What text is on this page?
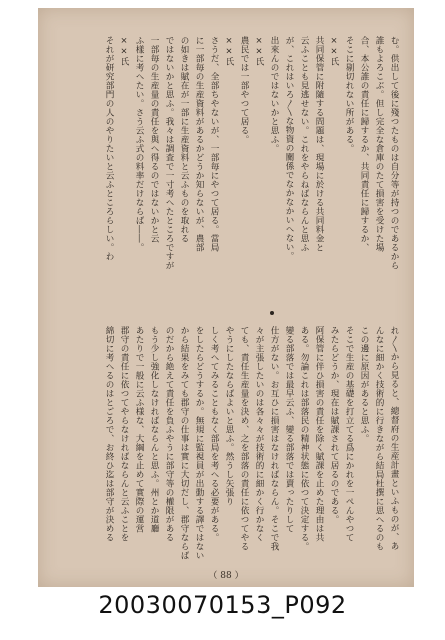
む。供出して後に殘つたものは自分等が持つのであるから
誰もよろこぶ。但し完全な倉庫のたて損害を受けた場
合、本公誰の責任に歸するか、共同責任に歸するか、
そこに剔切れない所がある。
××氏
共同保管に附隨する問題は、現場に於ける共同料金と
云ふことも見逃せない。これをやらねばならんと思ふ
が、これはいろ〳〵な物資の關係でなかなかいへない。
出來んのではないかと思ふ。
××氏
農民では一部やつて居る。
××氏
さうだ、全部ちやないが、一部毎にやつて居る。當局
に一部毎の生産資料があるかどうか知らないが、農部
の如きは賦在が一部に生産資料と云ふものを取れる
ではないかと思ふ。我々は調査で一寸考へたところですが
一部毎の生産量の責任を與へ得るのではないかと云
ふ樣に考へたい。さう云ふ式の料率だけならば――。
××氏
それが研究部門の人のやりたいと云ふところらしい。わ
れ〳〵から見ると、總督府の生産計畫といふものが、あ
んなに細かく技術的に行きながら結局杜撰に思へるのも
この邊に原因があると思ふ。
そこで生産の基礎を打立てる爲にかれを一ぺんやつて
みたらどうか、現在は賦課されて居るのである。
阿保管に伴ひ損害の責任を除く賦課を止めた理由は共
ある。勿論これは部落民の精神状態に依つて決定する。
變る部落では最早云ふ、變る部落では賣ったりして
仕方がない。お互ひに損害はなければならん。そこで我
々が主張したいのは各々々が技術的に細かく行かなく
ても、責任生産量を決め、之を部落の責任に依つてやる
やうにしたならばよいと思ふ。然うし矢張り
しく考へてみることもなく部局を考へる必要がある。
をしたらどうするか。無規に監視員が出動する譯ではない
から結果をみても郡守の仕事は實に大切だし、郡守ならば
のだから絶えて責任を負ふやうに部守等の權限がある
もう少し強化しなければならんと思ふ。州とか道廳
あたりで一般に云ふ様な、大綱を止めて實際の運営
郡守の責任に依つてやらなければならんと云ふことを
綿切に考へるのはとごろで、お終ひ迄は部守が決める
（ 88 ）
20030070153_P092
